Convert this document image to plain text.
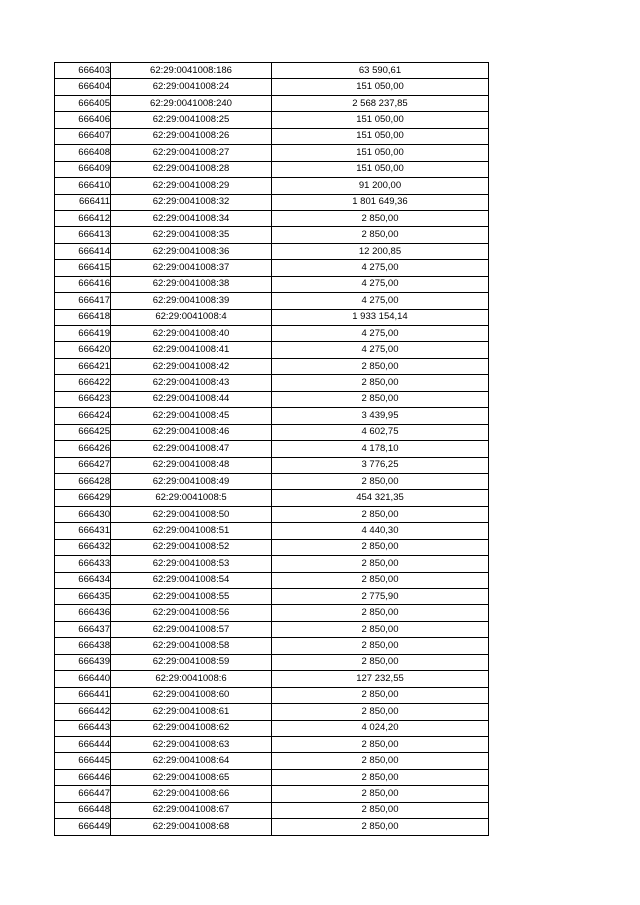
666403	62:29:0041008:186	63 590,61
666404	62:29:0041008:24	151 050,00
666405	62:29:0041008:240	2 568 237,85
666406	62:29:0041008:25	151 050,00
666407	62:29:0041008:26	151 050,00
666408	62:29:0041008:27	151 050,00
666409	62:29:0041008:28	151 050,00
666410	62:29:0041008:29	91 200,00
666411	62:29:0041008:32	1 801 649,36
666412	62:29:0041008:34	2 850,00
666413	62:29:0041008:35	2 850,00
666414	62:29:0041008:36	12 200,85
666415	62:29:0041008:37	4 275,00
666416	62:29:0041008:38	4 275,00
666417	62:29:0041008:39	4 275,00
666418	62:29:0041008:4	1 933 154,14
666419	62:29:0041008:40	4 275,00
666420	62:29:0041008:41	4 275,00
666421	62:29:0041008:42	2 850,00
666422	62:29:0041008:43	2 850,00
666423	62:29:0041008:44	2 850,00
666424	62:29:0041008:45	3 439,95
666425	62:29:0041008:46	4 602,75
666426	62:29:0041008:47	4 178,10
666427	62:29:0041008:48	3 776,25
666428	62:29:0041008:49	2 850,00
666429	62:29:0041008:5	454 321,35
666430	62:29:0041008:50	2 850,00
666431	62:29:0041008:51	4 440,30
666432	62:29:0041008:52	2 850,00
666433	62:29:0041008:53	2 850,00
666434	62:29:0041008:54	2 850,00
666435	62:29:0041008:55	2 775,90
666436	62:29:0041008:56	2 850,00
666437	62:29:0041008:57	2 850,00
666438	62:29:0041008:58	2 850,00
666439	62:29:0041008:59	2 850,00
666440	62:29:0041008:6	127 232,55
666441	62:29:0041008:60	2 850,00
666442	62:29:0041008:61	2 850,00
666443	62:29:0041008:62	4 024,20
666444	62:29:0041008:63	2 850,00
666445	62:29:0041008:64	2 850,00
666446	62:29:0041008:65	2 850,00
666447	62:29:0041008:66	2 850,00
666448	62:29:0041008:67	2 850,00
666449	62:29:0041008:68	2 850,00
